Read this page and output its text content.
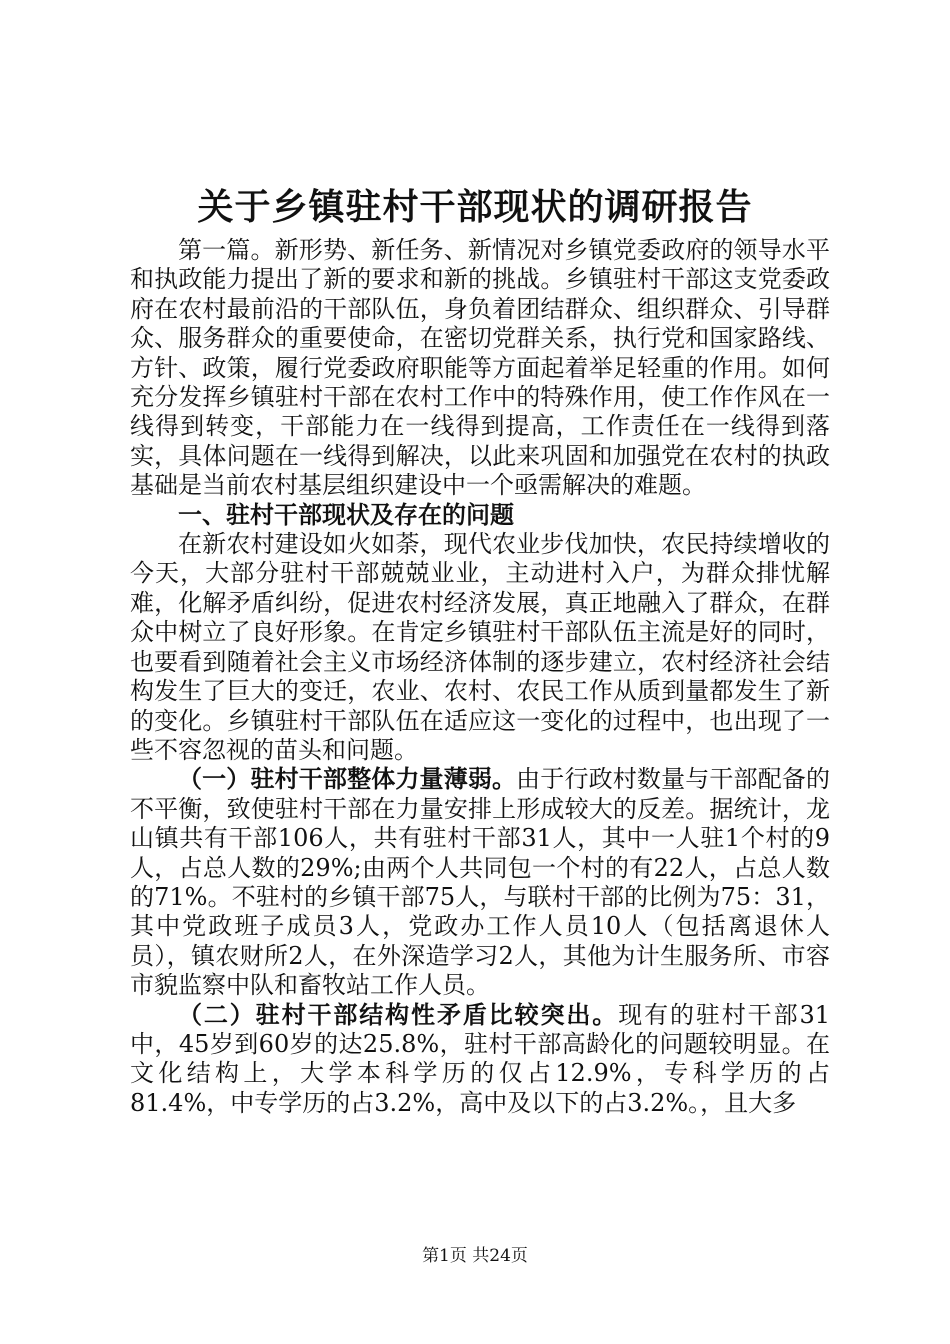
关于乡镇驻村干部现状的调研报告

第一篇。新形势、新任务、新情况对乡镇党委政府的领导水平和执政能力提出了新的要求和新的挑战。乡镇驻村干部这支党委政府在农村最前沿的干部队伍，身负着团结群众、组织群众、引导群众、服务群众的重要使命，在密切党群关系，执行党和国家路线、方针、政策，履行党委政府职能等方面起着举足轻重的作用。如何充分发挥乡镇驻村干部在农村工作中的特殊作用，使工作作风在一线得到转变，干部能力在一线得到提高，工作责任在一线得到落实，具体问题在一线得到解决，以此来巩固和加强党在农村的执政基础是当前农村基层组织建设中一个亟需解决的难题。

一、驻村干部现状及存在的问题

在新农村建设如火如荼，现代农业步伐加快，农民持续增收的今天，大部分驻村干部兢兢业业，主动进村入户，为群众排忧解难，化解矛盾纠纷，促进农村经济发展，真正地融入了群众，在群众中树立了良好形象。在肯定乡镇驻村干部队伍主流是好的同时，也要看到随着社会主义市场经济体制的逐步建立，农村经济社会结构发生了巨大的变迁，农业、农村、农民工作从质到量都发生了新的变化。乡镇驻村干部队伍在适应这一变化的过程中，也出现了一些不容忽视的苗头和问题。

（一）驻村干部整体力量薄弱。由于行政村数量与干部配备的不平衡，致使驻村干部在力量安排上形成较大的反差。据统计，龙山镇共有干部106人，共有驻村干部31人，其中一人驻1个村的9人，占总人数的29%;由两个人共同包一个村的有22人，占总人数的71%。不驻村的乡镇干部75人，与联村干部的比例为75：31，其中党政班子成员3人，党政办工作人员10人（包括离退休人员），镇农财所2人，在外深造学习2人，其他为计生服务所、市容市貌监察中队和畜牧站工作人员。

（二）驻村干部结构性矛盾比较突出。现有的驻村干部31中，45岁到60岁的达25.8%，驻村干部高龄化的问题较明显。在文化结构上，大学本科学历的仅占12.9%，专科学历的占81.4%，中专学历的占3.2%，高中及以下的占3.2%。，且大多

第1页 共24页
